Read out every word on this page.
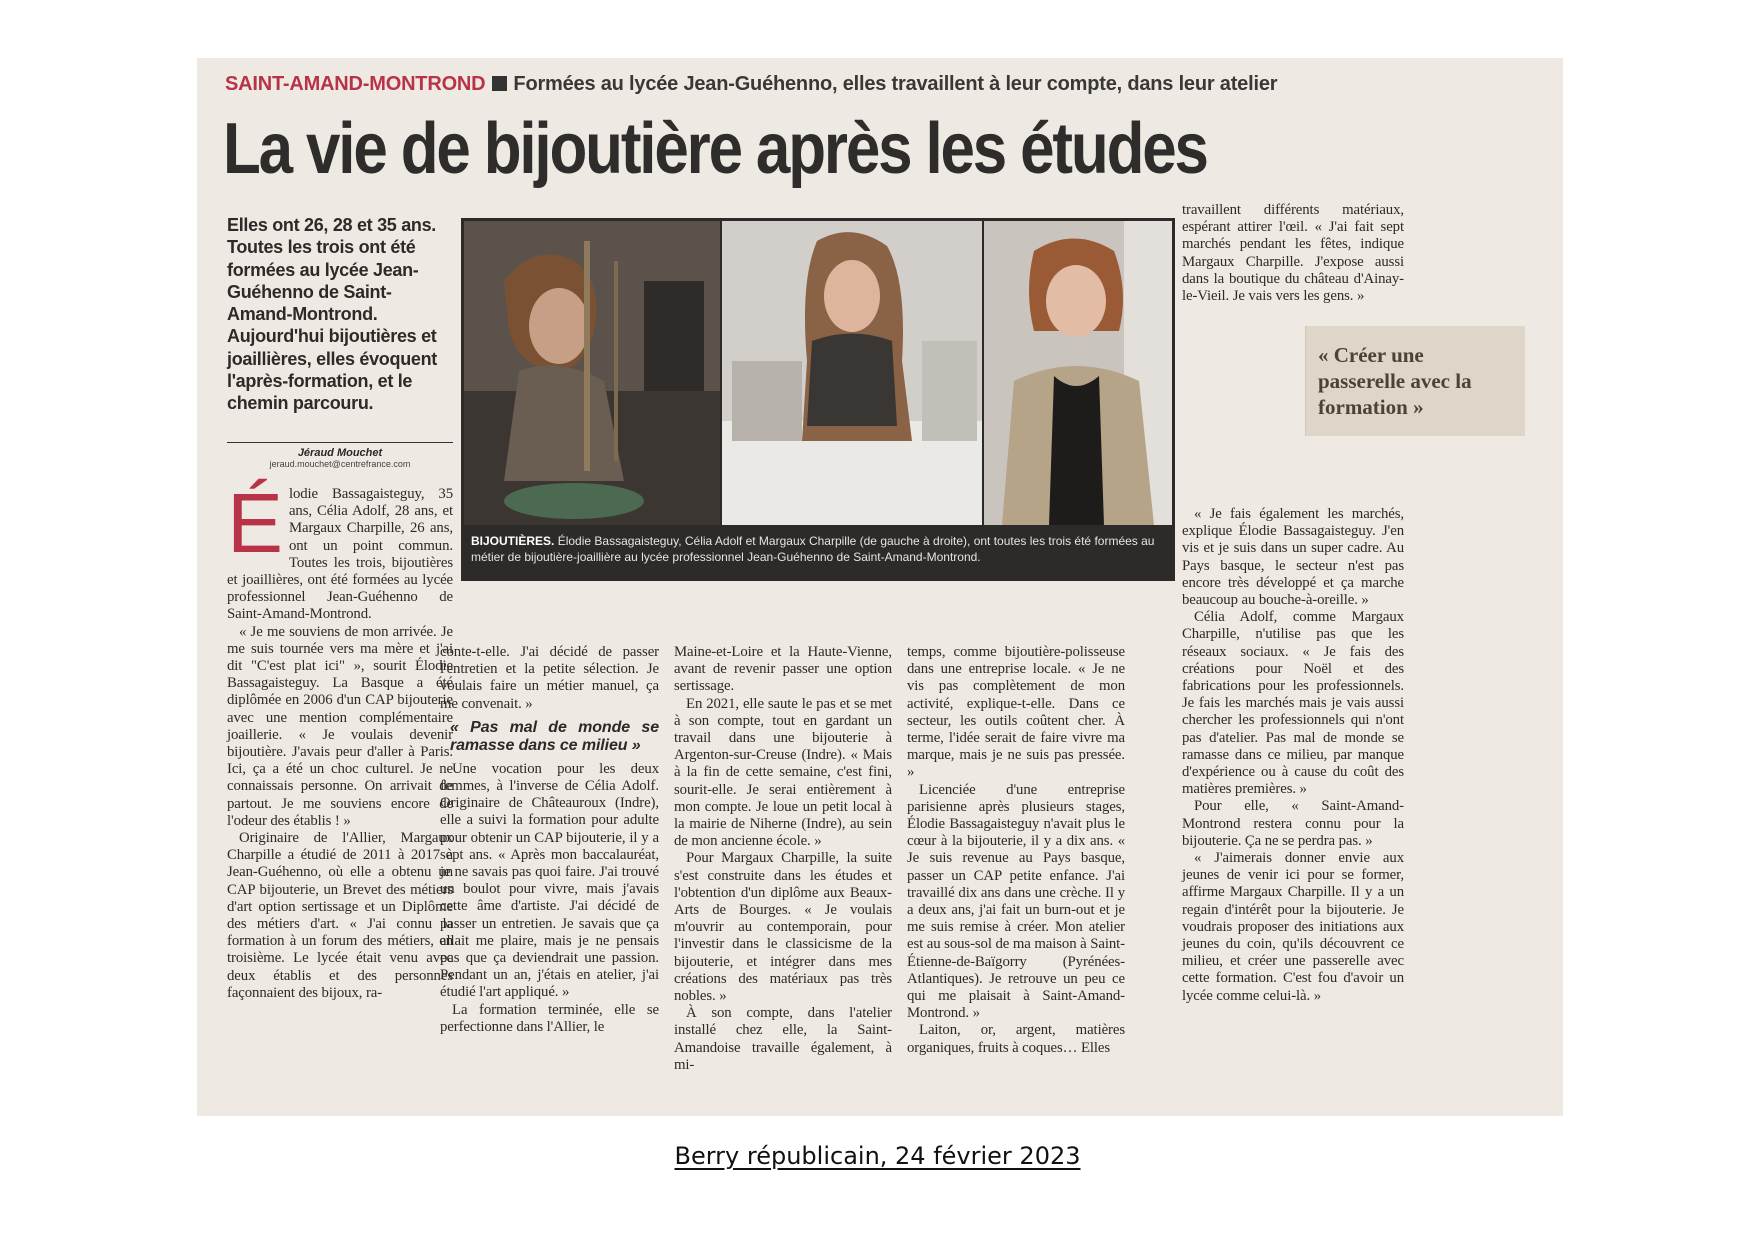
SAINT-AMAND-MONTROND Formées au lycée Jean-Guéhenno, elles travaillent à leur compte, dans leur atelier
La vie de bijoutière après les études
Elles ont 26, 28 et 35 ans. Toutes les trois ont été formées au lycée Jean-Guéhenno de Saint-Amand-Montrond. Aujourd'hui bijoutières et joaillières, elles évoquent l'après-formation, et le chemin parcouru.
Jéraud Mouchet
jeraud.mouchet@centrefrance.com
BIJOUTIÈRES. Élodie Bassagaisteguy, Célia Adolf et Margaux Charpille (de gauche à droite), ont toutes les trois été formées au métier de bijoutière-joaillière au lycée professionnel Jean-Guéhenno de Saint-Amand-Montrond.
É lodie Bassagaisteguy, 35 ans, Célia Adolf, 28 ans, et Margaux Charpille, 26 ans, ont un point commun. Toutes les trois, bijoutières et joaillières, ont été formées au lycée professionnel Jean-Guéhenno de Saint-Amand-Montrond.

« Je me souviens de mon arrivée. Je me suis tournée vers ma mère et j'ai dit "C'est plat ici" », sourit Élodie Bassagaisteguy. La Basque a été diplômée en 2006 d'un CAP bijouterie avec une mention complémentaire joaillerie. « Je voulais devenir bijoutière. J'avais peur d'aller à Paris. Ici, ça a été un choc culturel. Je ne connaissais personne. On arrivait de partout. Je me souviens encore de l'odeur des établis ! »

Originaire de l'Allier, Margaux Charpille a étudié de 2011 à 2017 à Jean-Guéhenno, où elle a obtenu un CAP bijouterie, un Brevet des métiers d'art option sertissage et un Diplôme des métiers d'art. « J'ai connu la formation à un forum des métiers, en troisième. Le lycée était venu avec deux établis et des personnes façonnaient des bijoux, ra-

conte-t-elle. J'ai décidé de passer l'entretien et la petite sélection. Je voulais faire un métier manuel, ça me convenait. »

« Pas mal de monde se ramasse dans ce milieu »

Une vocation pour les deux femmes, à l'inverse de Célia Adolf. Originaire de Châteauroux (Indre), elle a suivi la formation pour adulte pour obtenir un CAP bijouterie, il y a sept ans. « Après mon baccalauréat, je ne savais pas quoi faire. J'ai trouvé un boulot pour vivre, mais j'avais cette âme d'artiste. J'ai décidé de passer un entretien. Je savais que ça allait me plaire, mais je ne pensais pas que ça deviendrait une passion. Pendant un an, j'étais en atelier, j'ai étudié l'art appliqué. »

La formation terminée, elle se perfectionne dans l'Allier, le

Maine-et-Loire et la Haute-Vienne, avant de revenir passer une option sertissage.

En 2021, elle saute le pas et se met à son compte, tout en gardant un travail dans une bijouterie à Argenton-sur-Creuse (Indre). « Mais à la fin de cette semaine, c'est fini, sourit-elle. Je serai entièrement à mon compte. Je loue un petit local à la mairie de Niherne (Indre), au sein de mon ancienne école. »

Pour Margaux Charpille, la suite s'est construite dans les études et l'obtention d'un diplôme aux Beaux-Arts de Bourges. « Je voulais m'ouvrir au contemporain, pour l'investir dans le classicisme de la bijouterie, et intégrer dans mes créations des matériaux pas très nobles. »

À son compte, dans l'atelier installé chez elle, la Saint-Amandoise travaille également, à mi-

temps, comme bijoutière-polisseuse dans une entreprise locale. « Je ne vis pas complètement de mon activité, explique-t-elle. Dans ce secteur, les outils coûtent cher. À terme, l'idée serait de faire vivre ma marque, mais je ne suis pas pressée. »

Licenciée d'une entreprise parisienne après plusieurs stages, Élodie Bassagaisteguy n'avait plus le cœur à la bijouterie, il y a dix ans. « Je suis revenue au Pays basque, passer un CAP petite enfance. J'ai travaillé dix ans dans une crèche. Il y a deux ans, j'ai fait un burn-out et je me suis remise à créer. Mon atelier est au sous-sol de ma maison à Saint-Étienne-de-Baïgorry (Pyrénées-Atlantiques). Je retrouve un peu ce qui me plaisait à Saint-Amand-Montrond. »

Laiton, or, argent, matières organiques, fruits à coques… Elles

travaillent différents matériaux, espérant attirer l'œil. « J'ai fait sept marchés pendant les fêtes, indique Margaux Charpille. J'expose aussi dans la boutique du château d'Ainay-le-Vieil. Je vais vers les gens. »

« Créer une passerelle avec la formation »

« Je fais également les marchés, explique Élodie Bassagaisteguy. J'en vis et je suis dans un super cadre. Au Pays basque, le secteur n'est pas encore très développé et ça marche beaucoup au bouche-à-oreille. »

Célia Adolf, comme Margaux Charpille, n'utilise pas que les réseaux sociaux. « Je fais des créations pour Noël et des fabrications pour les professionnels. Je fais les marchés mais je vais aussi chercher les professionnels qui n'ont pas d'atelier. Pas mal de monde se ramasse dans ce milieu, par manque d'expérience ou à cause du coût des matières premières. »

Pour elle, « Saint-Amand-Montrond restera connu pour la bijouterie. Ça ne se perdra pas. »

« J'aimerais donner envie aux jeunes de venir ici pour se former, affirme Margaux Charpille. Il y a un regain d'intérêt pour la bijouterie. Je voudrais proposer des initiations aux jeunes du coin, qu'ils découvrent ce milieu, et créer une passerelle avec cette formation. C'est fou d'avoir un lycée comme celui-là. »

Berry républicain, 24 février 2023
